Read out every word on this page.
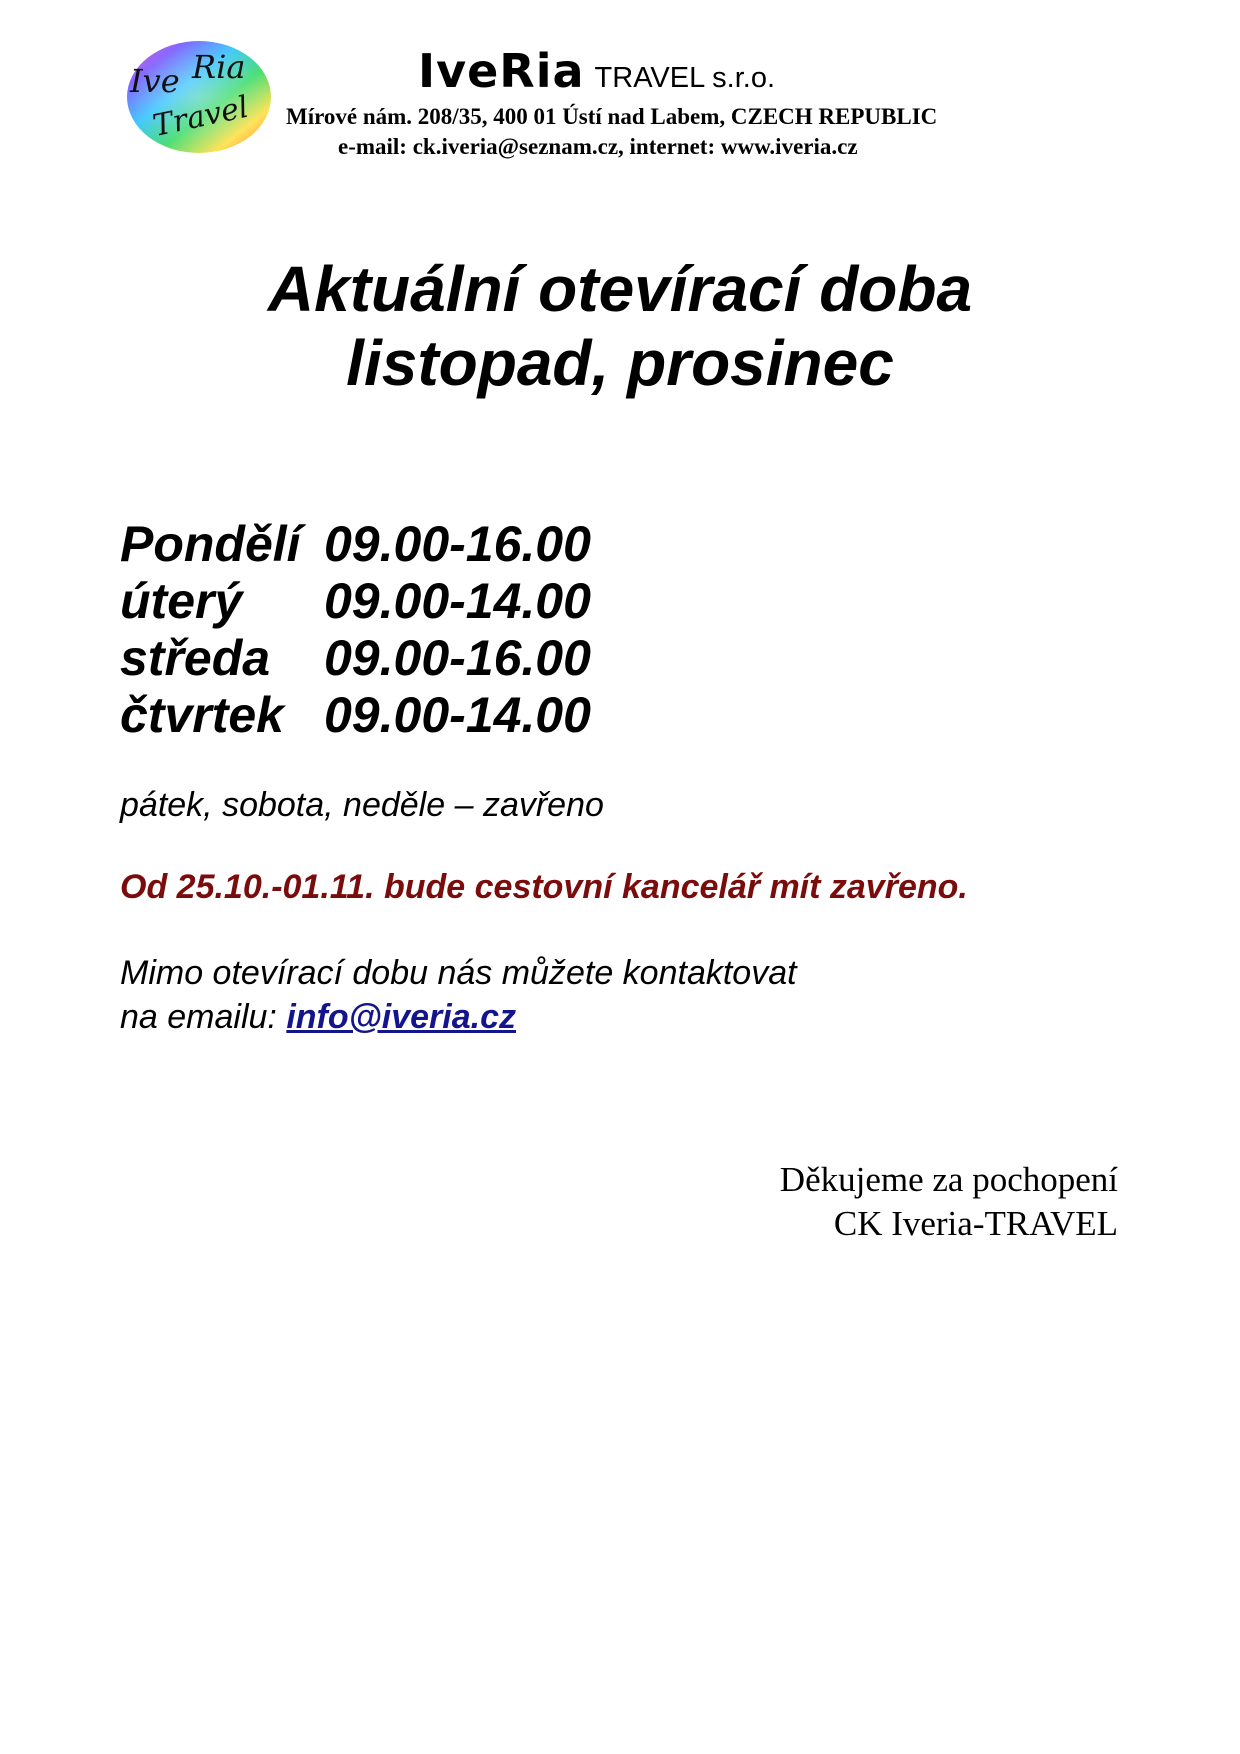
Ive Ria
Travel
IveRia TRAVEL s.r.o.
Mírové nám. 208/35, 400 01 Ústí nad Labem, CZECH REPUBLIC
e-mail: ck.iveria@seznam.cz, internet: www.iveria.cz
Aktuální otevírací doba
listopad, prosinec
Pondělí 09.00-16.00
úterý 09.00-14.00
středa 09.00-16.00
čtvrtek 09.00-14.00
pátek, sobota, neděle – zavřeno
Od 25.10.-01.11. bude cestovní kancelář mít zavřeno.
Mimo otevírací dobu nás můžete kontaktovat
na emailu: info@iveria.cz
Děkujeme za pochopení
CK Iveria-TRAVEL
